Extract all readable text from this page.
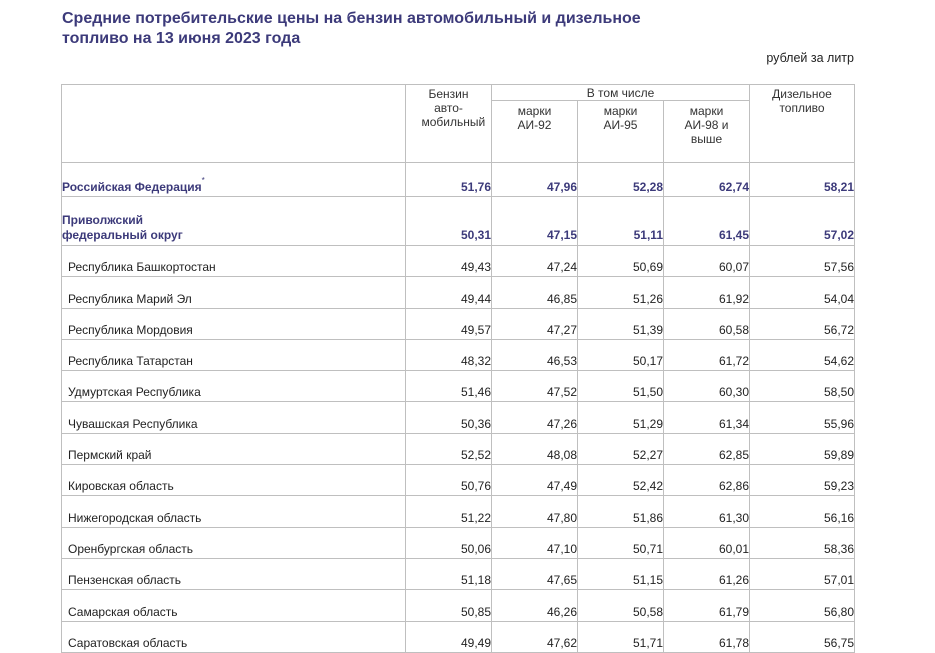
Средние потребительские цены на бензин автомобильный и дизельное топливо на 13 июня 2023 года
рублей за литр

	Бензин авто-мобильный	В том числе			Дизельное топливо

		марки АИ-92	марки АИ-95	марки АИ-98 и выше	

Российская Федерация*	51,76	47,96	52,28	62,74	58,21

Приволжский федеральный округ	50,31	47,15	51,11	61,45	57,02
Республика Башкортостан	49,43	47,24	50,69	60,07	57,56
Республика Марий Эл	49,44	46,85	51,26	61,92	54,04
Республика Мордовия	49,57	47,27	51,39	60,58	56,72
Республика Татарстан	48,32	46,53	50,17	61,72	54,62
Удмуртская Республика	51,46	47,52	51,50	60,30	58,50
Чувашская Республика	50,36	47,26	51,29	61,34	55,96
Пермский край	52,52	48,08	52,27	62,85	59,89
Кировская область	50,76	47,49	52,42	62,86	59,23
Нижегородская область	51,22	47,80	51,86	61,30	56,16
Оренбургская область	50,06	47,10	50,71	60,01	58,36
Пензенская область	51,18	47,65	51,15	61,26	57,01
Самарская область	50,85	46,26	50,58	61,79	56,80
Саратовская область	49,49	47,62	51,71	61,78	56,75
